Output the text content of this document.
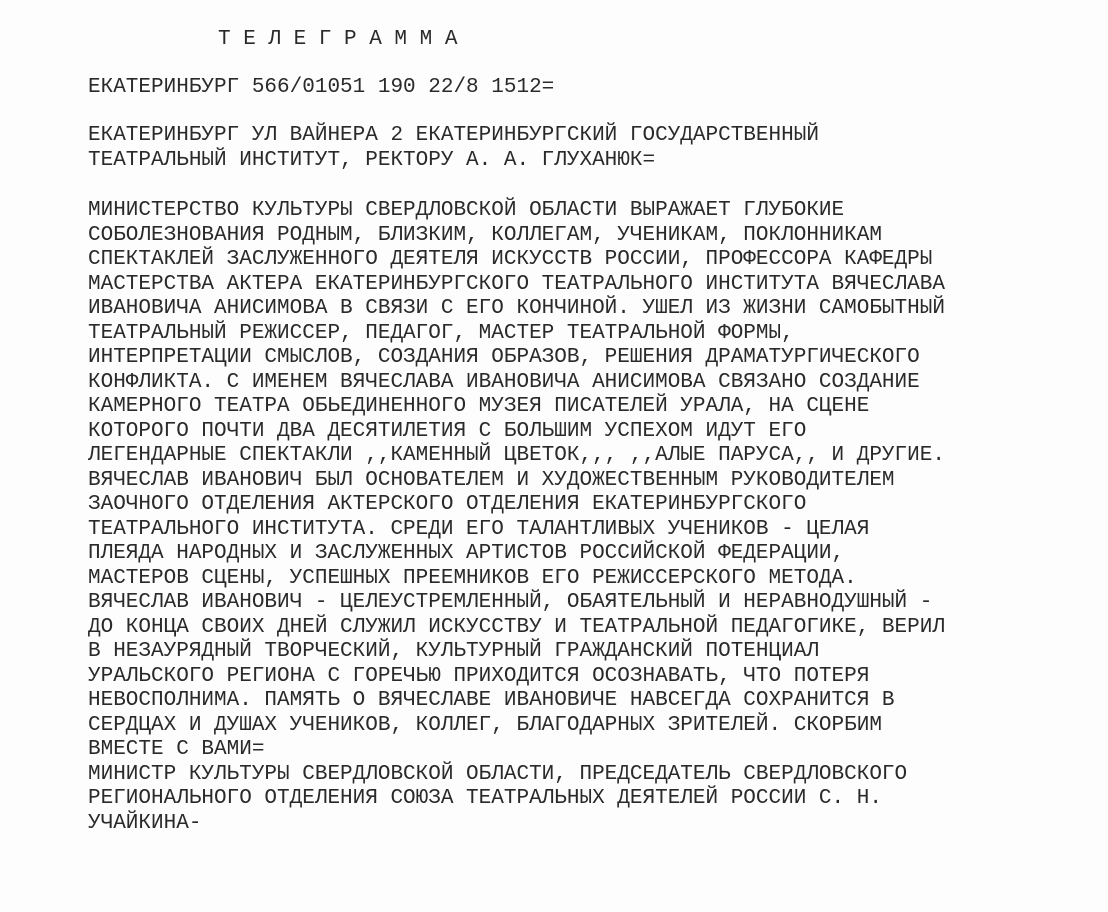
Т Е Л Е Г Р А М М А
ЕКАТЕРИНБУРГ 566/01051 190 22/8 1512=
ЕКАТЕРИНБУРГ УЛ ВАЙНЕРА 2 ЕКАТЕРИНБУРГСКИЙ ГОСУДАРСТВЕННЫЙ
ТЕАТРАЛЬНЫЙ ИНСТИТУТ, РЕКТОРУ А. А. ГЛУХАНЮК=
МИНИСТЕРСТВО КУЛЬТУРЫ СВЕРДЛОВСКОЙ ОБЛАСТИ ВЫРАЖАЕТ ГЛУБОКИЕ
СОБОЛЕЗНОВАНИЯ РОДНЫМ, БЛИЗКИМ, КОЛЛЕГАМ, УЧЕНИКАМ, ПОКЛОННИКАМ
СПЕКТАКЛЕЙ ЗАСЛУЖЕННОГО ДЕЯТЕЛЯ ИСКУССТВ РОССИИ, ПРОФЕССОРА КАФЕДРЫ
МАСТЕРСТВА АКТЕРА ЕКАТЕРИНБУРГСКОГО ТЕАТРАЛЬНОГО ИНСТИТУТА ВЯЧЕСЛАВА
ИВАНОВИЧА АНИСИМОВА В СВЯЗИ С ЕГО КОНЧИНОЙ. УШЕЛ ИЗ ЖИЗНИ САМОБЫТНЫЙ
ТЕАТРАЛЬНЫЙ РЕЖИССЕР, ПЕДАГОГ, МАСТЕР ТЕАТРАЛЬНОЙ ФОРМЫ,
ИНТЕРПРЕТАЦИИ СМЫСЛОВ, СОЗДАНИЯ ОБРАЗОВ, РЕШЕНИЯ ДРАМАТУРГИЧЕСКОГО
КОНФЛИКТА. С ИМЕНЕМ ВЯЧЕСЛАВА ИВАНОВИЧА АНИСИМОВА СВЯЗАНО СОЗДАНИЕ
КАМЕРНОГО ТЕАТРА ОБЬЕДИНЕННОГО МУЗЕЯ ПИСАТЕЛЕЙ УРАЛА, НА СЦЕНЕ
КОТОРОГО ПОЧТИ ДВА ДЕСЯТИЛЕТИЯ С БОЛЬШИМ УСПЕХОМ ИДУТ ЕГО
ЛЕГЕНДАРНЫЕ СПЕКТАКЛИ ,,КАМЕННЫЙ ЦВЕТОК,,, ,,АЛЫЕ ПАРУСА,, И ДРУГИЕ.
ВЯЧЕСЛАВ ИВАНОВИЧ БЫЛ ОСНОВАТЕЛЕМ И ХУДОЖЕСТВЕННЫМ РУКОВОДИТЕЛЕМ
ЗАОЧНОГО ОТДЕЛЕНИЯ АКТЕРСКОГО ОТДЕЛЕНИЯ ЕКАТЕРИНБУРГСКОГО
ТЕАТРАЛЬНОГО ИНСТИТУТА. СРЕДИ ЕГО ТАЛАНТЛИВЫХ УЧЕНИКОВ - ЦЕЛАЯ
ПЛЕЯДА НАРОДНЫХ И ЗАСЛУЖЕННЫХ АРТИСТОВ РОССИЙСКОЙ ФЕДЕРАЦИИ,
МАСТЕРОВ СЦЕНЫ, УСПЕШНЫХ ПРЕЕМНИКОВ ЕГО РЕЖИССЕРСКОГО МЕТОДА.
ВЯЧЕСЛАВ ИВАНОВИЧ - ЦЕЛЕУСТРЕМЛЕННЫЙ, ОБАЯТЕЛЬНЫЙ И НЕРАВНОДУШНЫЙ -
ДО КОНЦА СВОИХ ДНЕЙ СЛУЖИЛ ИСКУССТВУ И ТЕАТРАЛЬНОЙ ПЕДАГОГИКЕ, ВЕРИЛ
В НЕЗАУРЯДНЫЙ ТВОРЧЕСКИЙ, КУЛЬТУРНЫЙ ГРАЖДАНСКИЙ ПОТЕНЦИАЛ
УРАЛЬСКОГО РЕГИОНА С ГОРЕЧЬЮ ПРИХОДИТСЯ ОСОЗНАВАТЬ, ЧТО ПОТЕРЯ
НЕВОСПОЛНИМА. ПАМЯТЬ О ВЯЧЕСЛАВЕ ИВАНОВИЧЕ НАВСЕГДА СОХРАНИТСЯ В
СЕРДЦАХ И ДУШАХ УЧЕНИКОВ, КОЛЛЕГ, БЛАГОДАРНЫХ ЗРИТЕЛЕЙ. СКОРБИМ
ВМЕСТЕ С ВАМИ=
МИНИСТР КУЛЬТУРЫ СВЕРДЛОВСКОЙ ОБЛАСТИ, ПРЕДСЕДАТЕЛЬ СВЕРДЛОВСКОГО
РЕГИОНАЛЬНОГО ОТДЕЛЕНИЯ СОЮЗА ТЕАТРАЛЬНЫХ ДЕЯТЕЛЕЙ РОССИИ С. Н.
УЧАЙКИНА-
